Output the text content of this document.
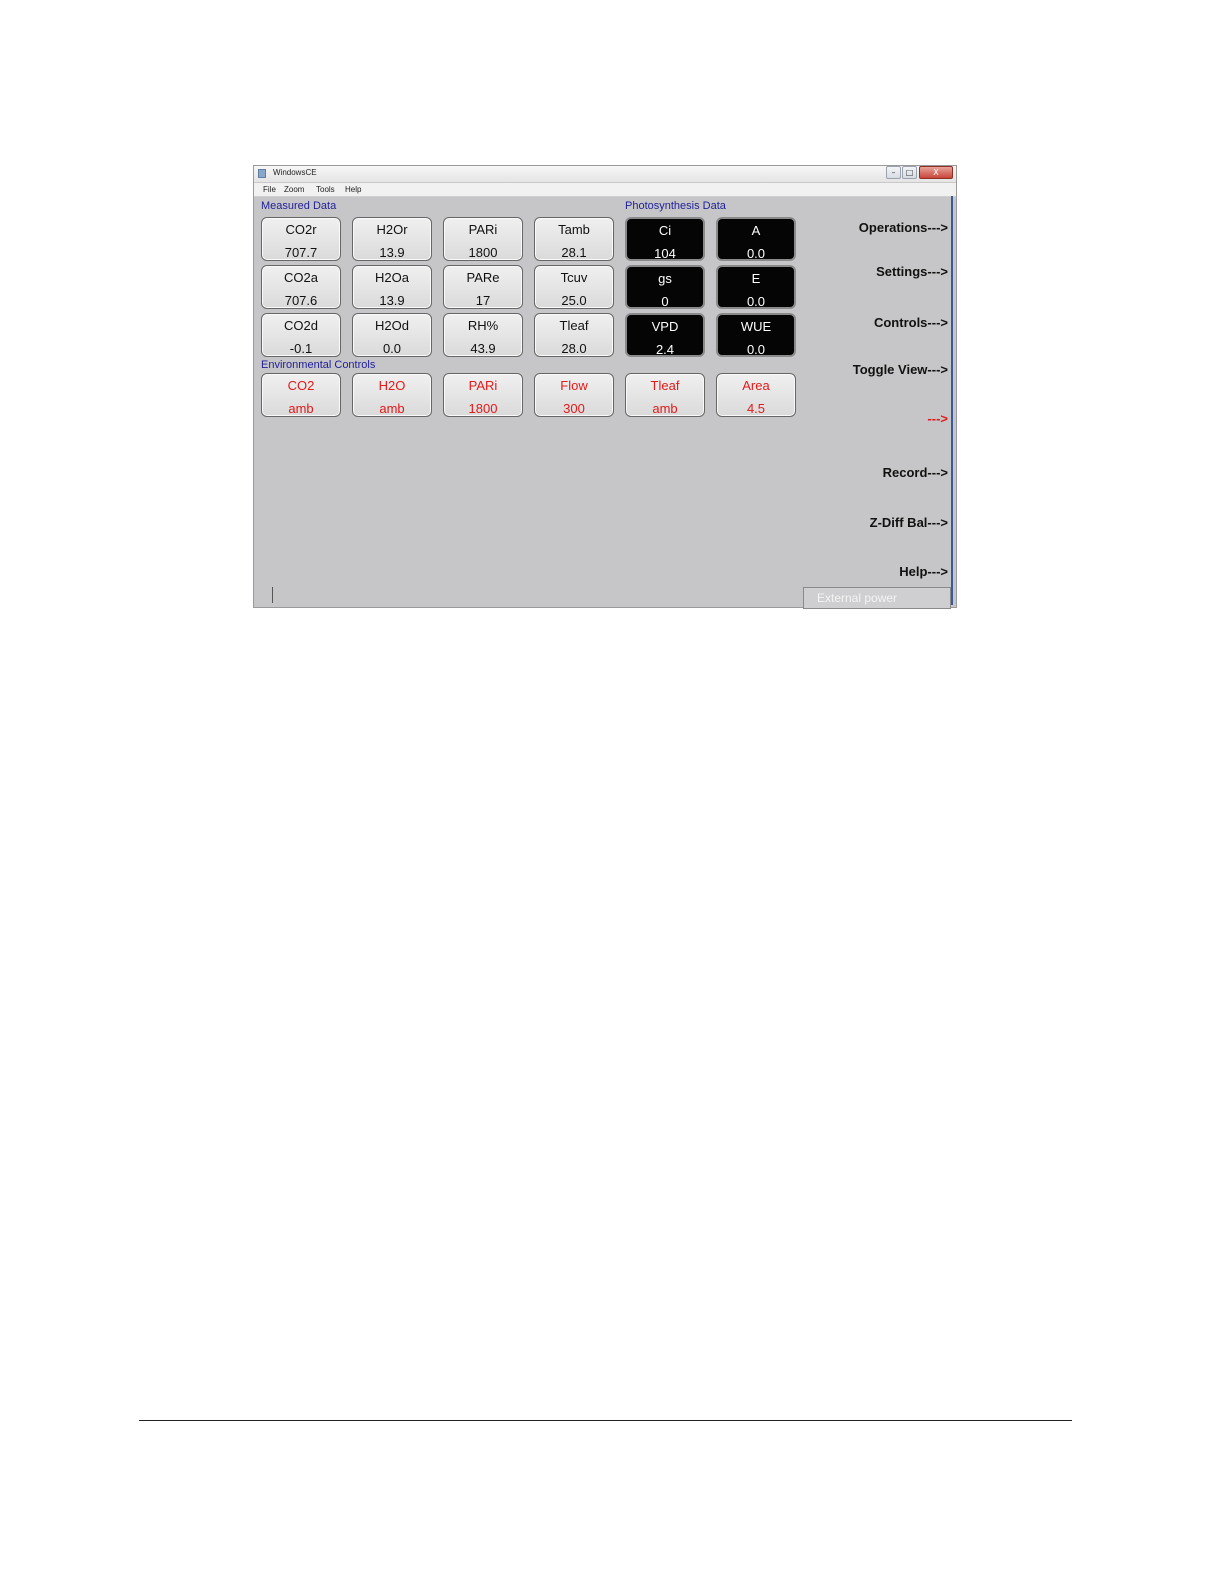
WindowsCE	–	□	X
File Zoom Tools Help
Measured Data	Photosynthesis Data
Environmental Controls
CO2r
707.7
H2Or
13.9
PARi
1800
Tamb
28.1
CO2a
707.6
H2Oa
13.9
PARe
17
Tcuv
25.0
CO2d
-0.1
H2Od
0.0
RH%
43.9
Tleaf
28.0
Ci
104
A
0.0
gs
0
E
0.0
VPD
2.4
WUE
0.0
CO2
amb
H2O
amb
PARi
1800
Flow
300
Tleaf
amb
Area
4.5
Operations--->
Settings--->
Controls--->
Toggle View--->
--->
Record--->
Z-Diff Bal--->
Help--->
External power
